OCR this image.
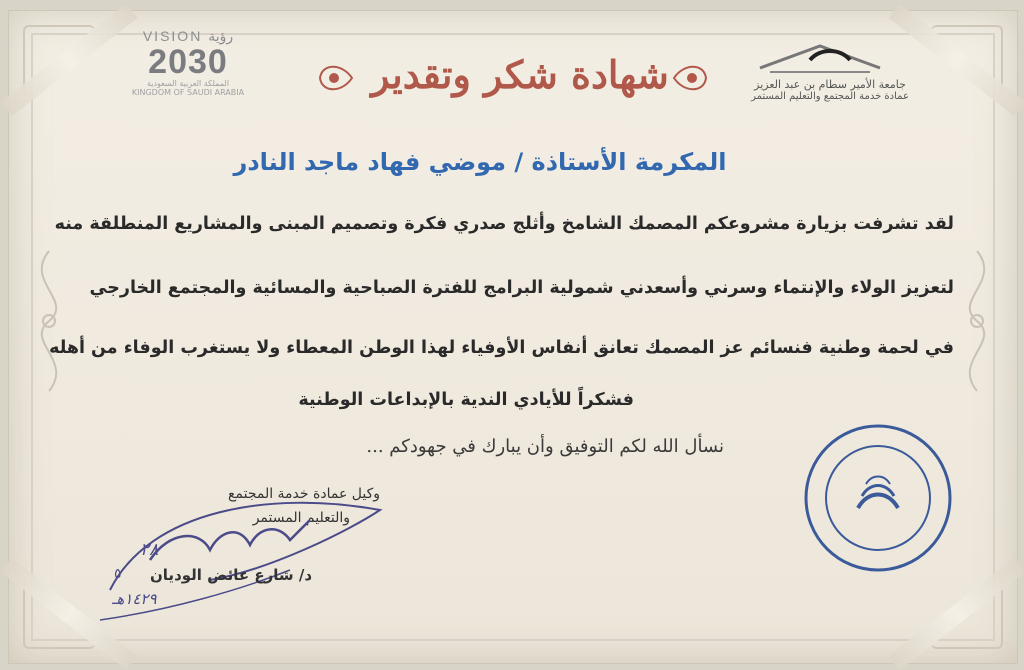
VISION رؤية
2030
المملكة العربية السعودية
KINGDOM OF SAUDI ARABIA	شهادة شكر وتقدير	جامعة الأمير سطام بن عبد العزيز
عمادة خدمة المجتمع والتعليم المستمر
المكرمة الأستاذة / موضي فهاد ماجد النادر
لقد تشرفت بزيارة مشروعكم المصمك الشامخ وأثلج صدري فكرة وتصميم المبنى والمشاريع المنطلقة منه
لتعزيز الولاء والإنتماء وسرني وأسعدني شمولية البرامج للفترة الصباحية والمسائية والمجتمع الخارجي
في لحمة وطنية فنسائم عز المصمك تعانق أنفاس الأوفياء لهذا الوطن المعطاء ولا يستغرب الوفاء من أهله
فشكراً للأيادي الندية بالإبداعات الوطنية
نسأل الله لكم التوفيق وأن يبارك في جهودكم ...
وكيل عمادة خدمة المجتمع
والتعليم المستمر
٢٨
د/ شارع عائض الوديان
١٤٢٩هـ
٥
